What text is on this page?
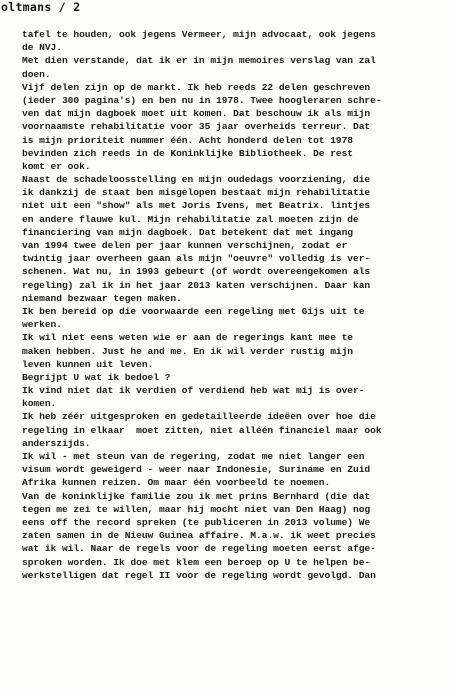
oltmans / 2
tafel te houden, ook jegens Vermeer, mijn advocaat, ook jegens
de NVJ.
Met dien verstande, dat ik er in mijn memoires verslag van zal
doen.
Vijf delen zijn op de markt. Ik heb reeds 22 delen geschreven
(ieder 300 pagina's) en ben nu in 1978. Twee hoogleraren schre-
ven dat mijn dagboek moet uit komen. Dat beschouw ik als mijn
voornaamste rehabilitatie voor 35 jaar overheids terreur. Dat
is mijn prioriteit nummer één. Acht honderd delen tot 1978
bevinden zich reeds in de Koninklijke Bibliotheek. De rest
komt er ook.
Naast de schadeloosstelling en mijn oudedags voorziening, die
ik dankzij de staat ben misgelopen bestaat mijn rehabilitatie
niet uit een "show" als met Joris Ivens, met Beatrix. lintjes
en andere flauwe kul. Mijn rehabilitatie zal moeten zijn de
financiering van mijn dagboek. Dat betekent dat met ingang
van 1994 twee delen per jaar kunnen verschijnen, zodat er
twintig jaar overheen gaan als mijn "oeuvre" volledig is ver-
schenen. Wat nu, in 1993 gebeurt (of wordt overeengekomen als
regeling) zal ik in het jaar 2013 katen verschijnen. Daar kan
niemand bezwaar tegen maken.
Ik ben bereid op die voorwaarde een regeling met Gijs uit te
werken.
Ik wil niet eens weten wie er aan de regerings kant mee te
maken hebben. Just he and me. En ik wil verder rustig mijn
leven kunnen uit leven.
Begrijpt U wat ik bedoel ?
Ik vind niet dat ik verdien of verdiend heb wat mij is over-
komen.
Ik heb zéér uitgesproken en gedetailleerde ideëen over hoe die
regeling in elkaar  moet zitten, niet alléén financiel maar ook
anderszijds.
Ik wil - met steun van de regering, zodat me niet langer een
visum wordt geweigerd - weer naar Indonesie, Suriname en Zuid
Afrika kunnen reizen. Om maar één voorbeeld te noemen.
Van de koninklijke familie zou ik met prins Bernhard (die dat
tegen me zei te willen, maar hij mocht niet van Den Haag) nog
eens off the record spreken (te publiceren in 2013 volume) We
zaten samen in de Nieuw Guinea affaire. M.a.w. ik weet precies
wat ik wil. Naar de regels voor de regeling moeten eerst afge-
sproken worden. Ik doe met klem een beroep op U te helpen be-
werkstelligen dat regel II voor de regeling wordt gevolgd. Dan
